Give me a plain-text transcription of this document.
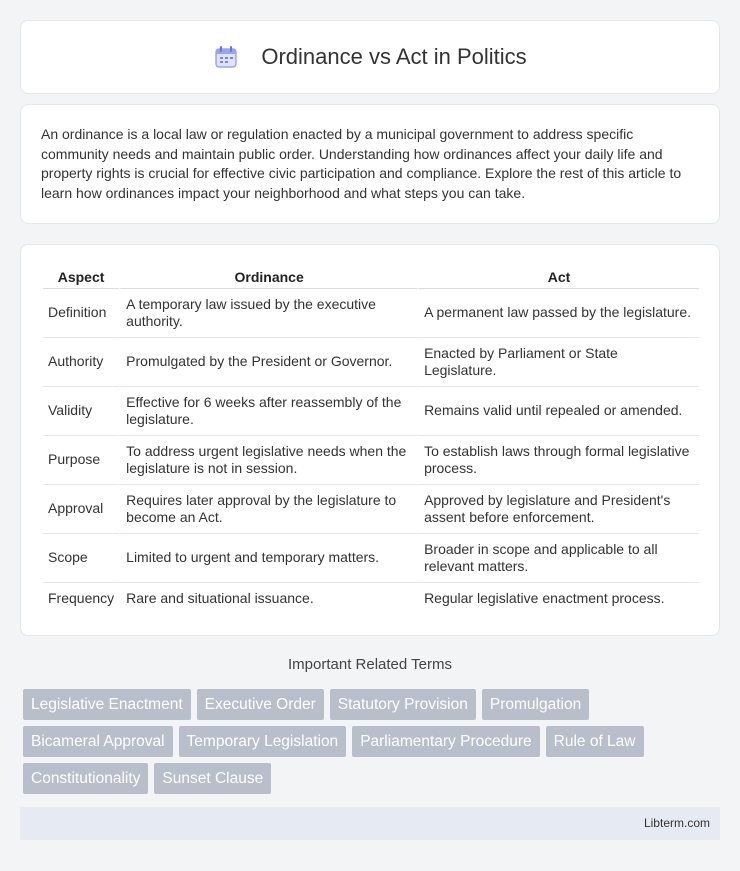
Ordinance vs Act in Politics

An ordinance is a local law or regulation enacted by a municipal government to address specific community needs and maintain public order. Understanding how ordinances affect your daily life and property rights is crucial for effective civic participation and compliance. Explore the rest of this article to learn how ordinances impact your neighborhood and what steps you can take.

Aspect	Ordinance	Act
Definition	A temporary law issued by the executive authority.	A permanent law passed by the legislature.
Authority	Promulgated by the President or Governor.	Enacted by Parliament or State Legislature.
Validity	Effective for 6 weeks after reassembly of the legislature.	Remains valid until repealed or amended.
Purpose	To address urgent legislative needs when the legislature is not in session.	To establish laws through formal legislative process.
Approval	Requires later approval by the legislature to become an Act.	Approved by legislature and President's assent before enforcement.
Scope	Limited to urgent and temporary matters.	Broader in scope and applicable to all relevant matters.
Frequency	Rare and situational issuance.	Regular legislative enactment process.
Important Related Terms
Legislative Enactment	Executive Order	Statutory Provision	Promulgation
Bicameral Approval	Temporary Legislation	Parliamentary Procedure	Rule of Law
Constitutionality	Sunset Clause
Libterm.com
